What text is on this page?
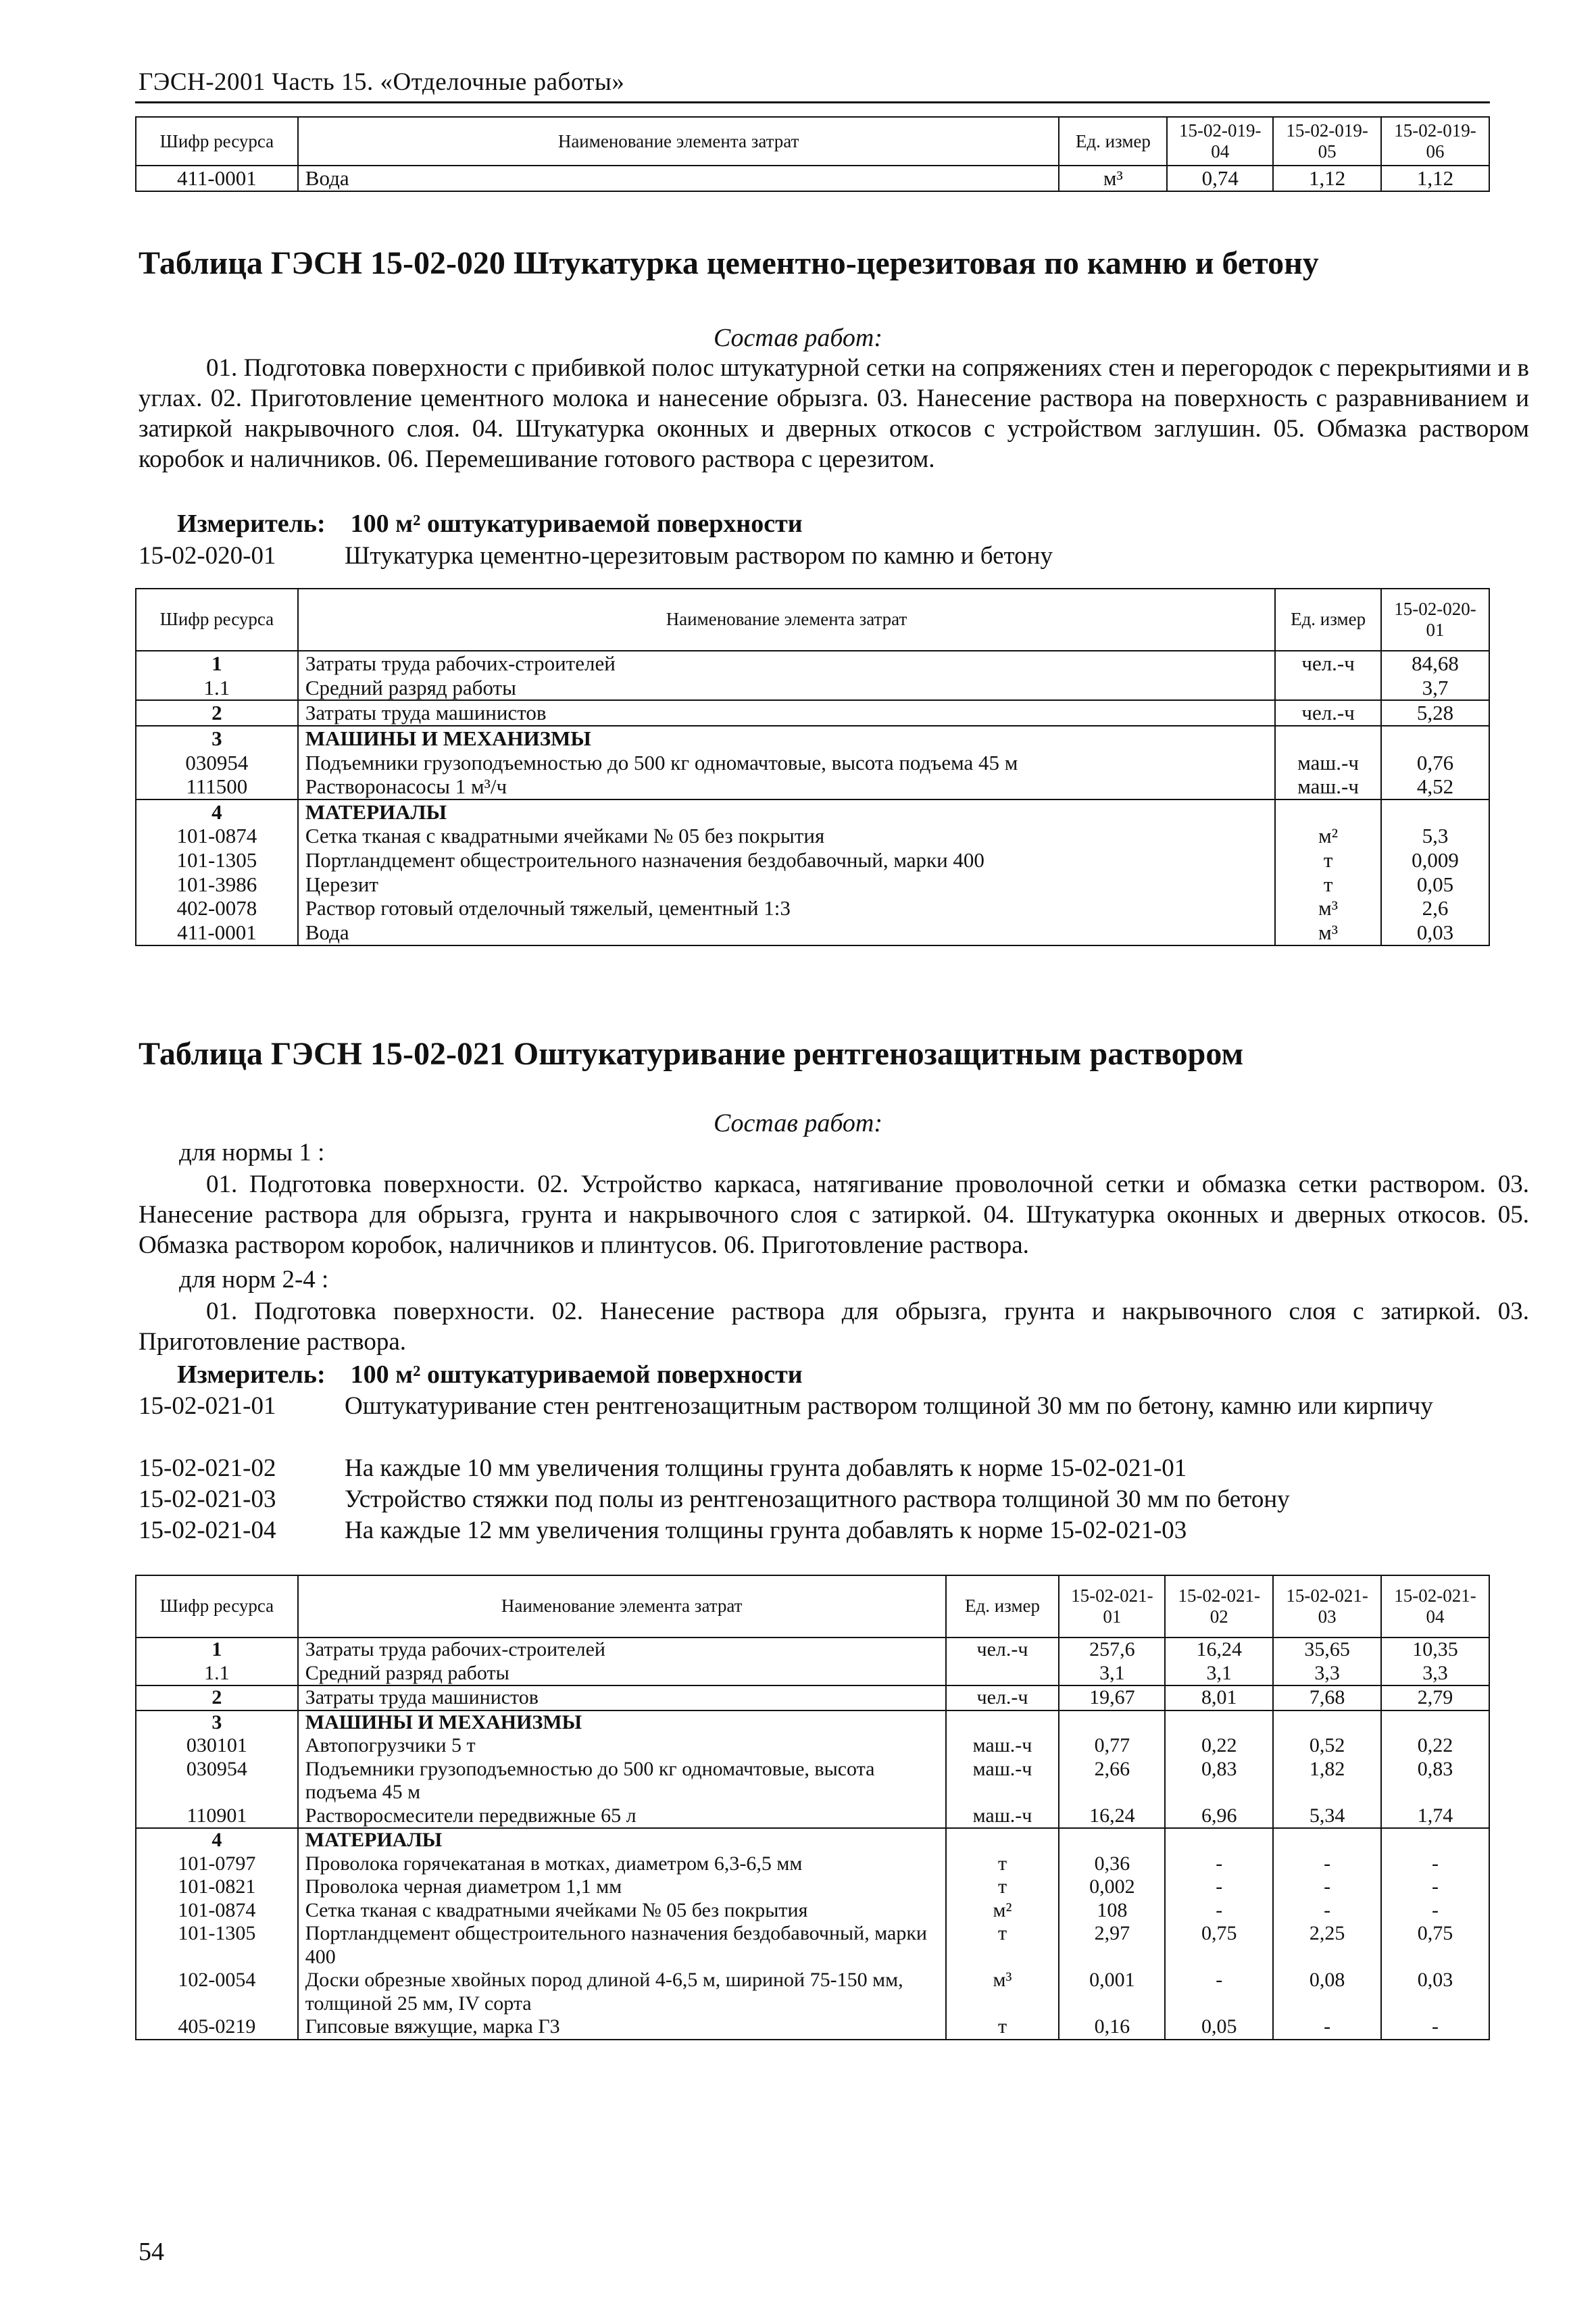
ГЭСН-2001 Часть 15. «Отделочные работы»
Шифр ресурса	Наименование элемента затрат	Ед. измер	15-02-019-04	15-02-019-05	15-02-019-06
411-0001	Вода	м³	0,74	1,12	1,12
Таблица ГЭСН 15-02-020 Штукатурка цементно-церезитовая по камню и бетону
Состав работ:

01. Подготовка поверхности с прибивкой полос штукатурной сетки на сопряжениях стен и перегородок с перекрытиями и в углах. 02. Приготовление цементного молока и нанесение обрызга. 03. Нанесение раствора на поверхность с разравниванием и затиркой накрывочного слоя. 04. Штукатурка оконных и дверных откосов с устройством заглушин. 05. Обмазка раствором коробок и наличников. 06. Перемешивание готового раствора с церезитом.

Измеритель: 100 м² оштукатуриваемой поверхности
15-02-020-01	Штукатурка цементно-церезитовым раствором по камню и бетону
Шифр ресурса	Наименование элемента затрат	Ед. измер	15-02-020-01
1	Затраты труда рабочих-строителей	чел.-ч	84,68
1.1	Средний разряд работы		3,7
2	Затраты труда машинистов	чел.-ч	5,28
3	МАШИНЫ И МЕХАНИЗМЫ		
030954	Подъемники грузоподъемностью до 500 кг одномачтовые, высота подъема 45 м	маш.-ч	0,76
111500	Растворонасосы 1 м³/ч	маш.-ч	4,52
4	МАТЕРИАЛЫ		
101-0874	Сетка тканая с квадратными ячейками № 05 без покрытия	м²	5,3
101-1305	Портландцемент общестроительного назначения бездобавочный, марки 400	т	0,009
101-3986	Церезит	т	0,05
402-0078	Раствор готовый отделочный тяжелый, цементный 1:3	м³	2,6
411-0001	Вода	м³	0,03
Таблица ГЭСН 15-02-021 Оштукатуривание рентгенозащитным раствором
Состав работ:
для нормы 1 :

01. Подготовка поверхности. 02. Устройство каркаса, натягивание проволочной сетки и обмазка сетки раствором. 03. Нанесение раствора для обрызга, грунта и накрывочного слоя с затиркой. 04. Штукатурка оконных и дверных откосов. 05. Обмазка раствором коробок, наличников и плинтусов. 06. Приготовление раствора.

для норм 2-4 :

01. Подготовка поверхности. 02. Нанесение раствора для обрызга, грунта и накрывочного слоя с затиркой. 03. Приготовление раствора.

Измеритель: 100 м² оштукатуриваемой поверхности
15-02-021-01	Оштукатуривание стен рентгенозащитным раствором толщиной 30 мм по бетону, камню или кирпичу
15-02-021-02	На каждые 10 мм увеличения толщины грунта добавлять к норме 15-02-021-01
15-02-021-03	Устройство стяжки под полы из рентгенозащитного раствора толщиной 30 мм по бетону
15-02-021-04	На каждые 12 мм увеличения толщины грунта добавлять к норме 15-02-021-03
Шифр ресурса	Наименование элемента затрат	Ед. измер	15-02-021-01	15-02-021-02	15-02-021-03	15-02-021-04
1	Затраты труда рабочих-строителей	чел.-ч	257,6	16,24	35,65	10,35
1.1	Средний разряд работы		3,1	3,1	3,3	3,3
2	Затраты труда машинистов	чел.-ч	19,67	8,01	7,68	2,79
3	МАШИНЫ И МЕХАНИЗМЫ					
030101	Автопогрузчики 5 т	маш.-ч	0,77	0,22	0,52	0,22
030954	Подъемники грузоподъемностью до 500 кг одномачтовые, высота подъема 45 м	маш.-ч	2,66	0,83	1,82	0,83
110901	Растворосмесители передвижные 65 л	маш.-ч	16,24	6,96	5,34	1,74
4	МАТЕРИАЛЫ					
101-0797	Проволока горячекатаная в мотках, диаметром 6,3-6,5 мм	т	0,36	-	-	-
101-0821	Проволока черная диаметром 1,1 мм	т	0,002	-	-	-
101-0874	Сетка тканая с квадратными ячейками № 05 без покрытия	м²	108	-	-	-
101-1305	Портландцемент общестроительного назначения бездобавочный, марки 400	т	2,97	0,75	2,25	0,75
102-0054	Доски обрезные хвойных пород длиной 4-6,5 м, шириной 75-150 мм, толщиной 25 мм, IV сорта	м³	0,001	-	0,08	0,03
405-0219	Гипсовые вяжущие, марка Г3	т	0,16	0,05	-	-
54
